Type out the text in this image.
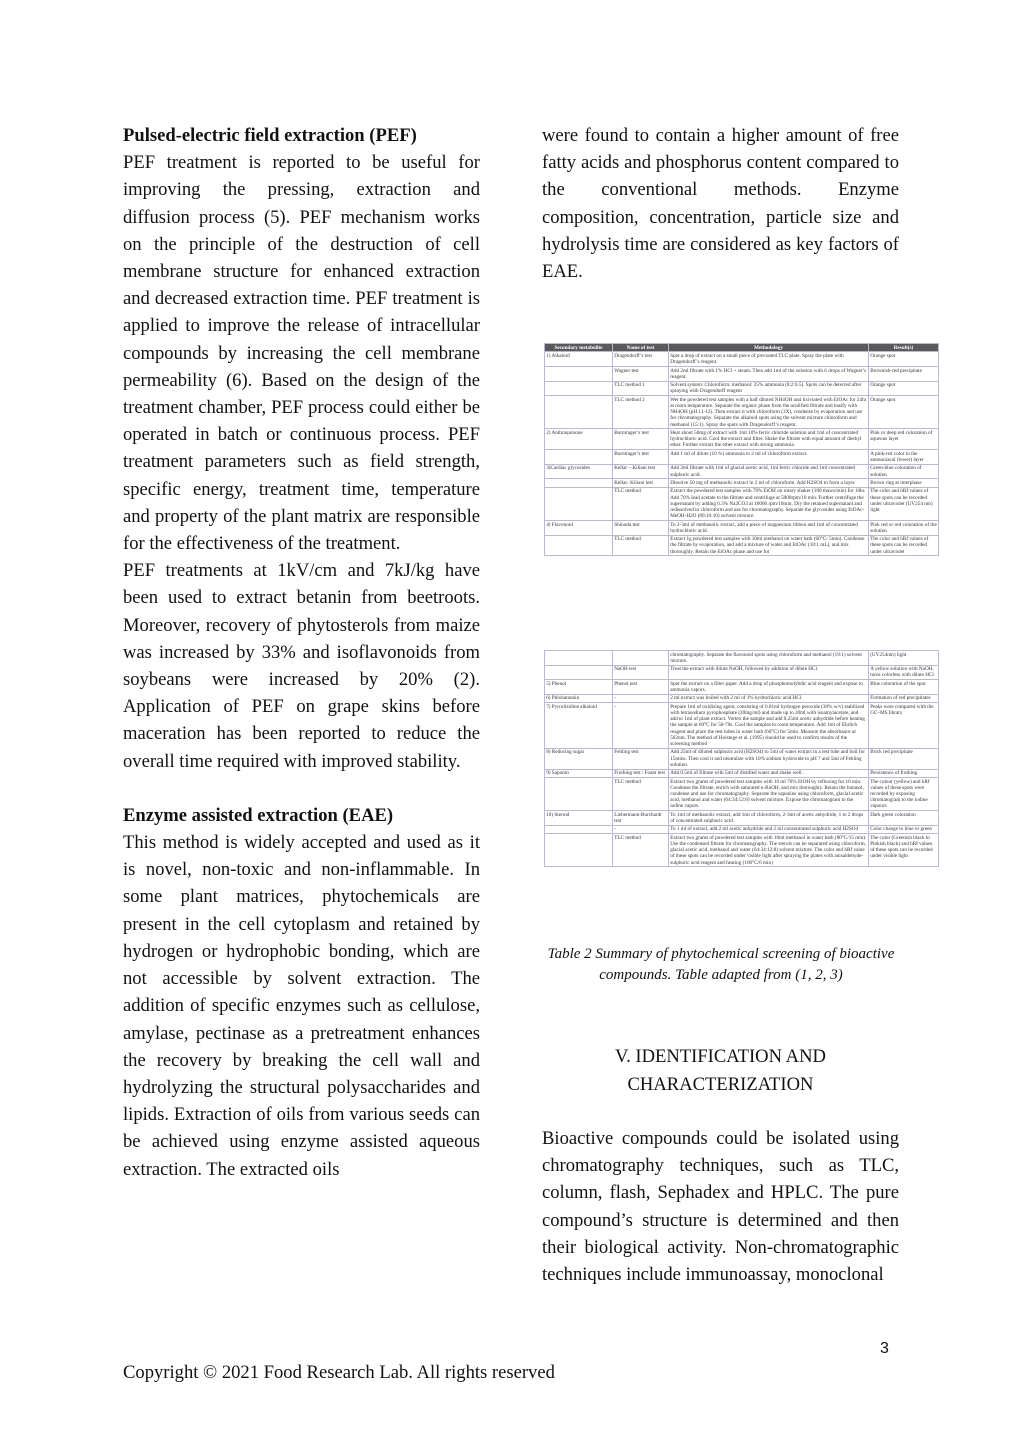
Pulsed-electric field extraction (PEF)

PEF treatment is reported to be useful for improving the pressing, extraction and diffusion process (5). PEF mechanism works on the principle of the destruction of cell membrane structure for enhanced extraction and decreased extraction time. PEF treatment is applied to improve the release of intracellular compounds by increasing the cell membrane permeability (6). Based on the design of the treatment chamber, PEF process could either be operated in batch or continuous process. PEF treatment parameters such as field strength, specific energy, treatment time, temperature and property of the plant matrix are responsible for the effectiveness of the treatment.

PEF treatments at 1kV/cm and 7kJ/kg have been used to extract betanin from beetroots. Moreover, recovery of phytosterols from maize was increased by 33% and isoflavonoids from soybeans were increased by 20% (2). Application of PEF on grape skins before maceration has been reported to reduce the overall time required with improved stability.

Enzyme assisted extraction (EAE)

This method is widely accepted and used as it is novel, non-toxic and non-inflammable. In some plant matrices, phytochemicals are present in the cell cytoplasm and retained by hydrogen or hydrophobic bonding, which are not accessible by solvent extraction. The addition of specific enzymes such as cellulose, amylase, pectinase as a pretreatment enhances the recovery by breaking the cell wall and hydrolyzing the structural polysaccharides and lipids. Extraction of oils from various seeds can be achieved using enzyme assisted aqueous extraction. The extracted oils

were found to contain a higher amount of free fatty acids and phosphorus content compared to the conventional methods. Enzyme composition, concentration, particle size and hydrolysis time are considered as key factors of EAE.

Secondary metabolite	Name of test	Methodology	Result(s)
1) Alkaloid	Dragendorff’s test	Spot a drop of extract on a small piece of precoated TLC plate. Spray the plate with Dragendorff’s reagent.	Orange spot
	Wagner test	Add 2ml filtrate with 1% HCl + steam. Then add 1ml of the solution with 6 drops of Wagner’s reagent.	Brownish-red precipitate
	TLC method 1	Solvent system: Chloroform: methanol: 25% ammonia (8:2:0.5). Spots can be detected after spraying with Dragendorff reagent	Orange spot
	TLC method 2	Wet the powdered test samples with a half diluted NH4OH and lixiviated with EtOAc for 24hr at room temperature. Separate the organic phase from the acidified filtrate and basify with NH4OH (pH 11-12). Then extract it with chloroform (3X), condense by evaporation and use for chromatography. Separate the alkaloid spots using the solvent mixture chloroform and methanol (15:1). Spray the spots with Dragendorff’s reagent.	Orange spot
2) Anthraquinone	Borntrager’s test	Heat about 50mg of extract with 1ml 10% ferric chloride solution and 1ml of concentrated hydrochloric acid. Cool the extract and filter. Shake the filtrate with equal amount of diethyl ether. Further extract the ether extract with strong ammonia.	Pink or deep red coloration of aqueous layer
	Borntrager’s test	Add 1 ml of dilute (10 %) ammonia to 2 ml of chloroform extract.	A pink-red color in the ammoniacal (lower) layer
3)Cardiac glycosides	Kellar – Kiliani test	Add 2ml filtrate with 1ml of glacial acetic acid, 1ml ferric chloride and 1ml concentrated sulphuric acid.	Green-blue coloration of solution
	Kellar- Kiliani test	Dissolve 50 mg of methanolic extract in 2 ml of chloroform. Add H2SO4 to form a layer.	Brown ring at interphase
	TLC method	Extract the powdered test samples with 70% EtOH on rotary shaker (180 thaws/min) for 10hr. Add 70% lead acetate to the filtrate and centrifuge at 5000rpm/10 min. Further centrifuge the supernatant by adding 6.3% Na2CO3 at 10000 rpm/10min. Dry the retained supernatant and redissolved in chloroform and use for chromatography. Separate the glycosides using EtOAc-MeOH-H2O (80:10:10) solvent mixture.	The color and hRf values of these spots can be recorded under ultraviolet (UV254 nm) light
4) Flavonoid	Shinoda test	To 2-3ml of methanolic extract, add a piece of magnesium ribbon and 1ml of concentrated hydrochloric acid.	Pink red or red coloration of the solution
	TLC method	Extract 1g powdered test samples with 10ml methanol on water bath (60°C/ 5min). Condense the filtrate by evaporation, and add a mixture of water and EtOAc (10:1 mL), and mix thoroughly. Retain the EtOAc phase and use for	The color and hRf values of these spots can be recorded under ultraviolet
		chromatography. Separate the flavonoid spots using chloroform and methanol (19:1) solvent mixture.	(UV254nm) light
	NaOH test	Treat the extract with dilute NaOH, followed by addition of dilute HCl.	A yellow solution with NaOH, turns colorless with dilute HCl
5) Phenol	Phenol test	Spot the extract on a filter paper. Add a drop of phosphomolybdic acid reagent and expose to ammonia vapors.	Blue coloration of the spot
6) Phlobatannin	-	2 ml extract was boiled with 2 ml of 1% hydrochloric acid HCl.	Formation of red precipitates
7) Pyrrolizidine alkaloid	-	Prepare 1ml of oxidizing agent, consisting of 0.01ml hydrogen peroxide (30% w/v) stabilized with tetrasodium pyrophosphate (20mg/ml) and made up to 20ml with isoamylacetate, and add to 1ml of plant extract. Vortex the sample and add 0.25ml acetic anhydride before heating the sample at 60°C for 50-70s. Cool the samples to room temperature. Add 1ml of Ehrlich reagent and place the test tubes in water bath (60°C) for 5min. Measure the absorbance at 562nm. The method of Holstege et al. (1995) should be used to confirm results of the screening method	Peaks were compared with the GC–MS library
8) Reducing sugar	Fehling test	Add 25ml of diluted sulphuric acid (H2SO4) to 5ml of water extract in a test tube and boil for 15mins. Then cool it and neutralize with 10% sodium hydroxide to pH 7 and 5ml of Fehling solution.	Brick red precipitate
9) Saponin	Frothing test / Foam test	Add 0.5ml of filtrate with 5ml of distilled water and shake well.	Persistence of frothing
	TLC method	Extract two grams of powdered test samples with 10 ml 70% EtOH by refluxing for 10 min. Condense the filtrate, enrich with saturated n-BuOH, and mix thoroughly. Retain the butanol, condense and use for chromatography. Separate the saponins using chloroform, glacial acetic acid, methanol and water (64:34:12:8) solvent mixture. Expose the chromatogram to the iodine vapors.	The colour (yellow) and hRf values of these spots were recorded by exposing chromatogram to the iodine vapours
10) Steroid	Liebermann-Burchardt test	To 1ml of methanolic extract, add 1ml of chloroform, 2-3ml of acetic anhydride, 1 to 2 drops of concentrated sulphuric acid.	Dark green coloration
	-	To 1 ml of extract, add 2 ml acetic anhydride and 2 ml concentrated sulphuric acid H2SO4	Color change to blue or green
	TLC method	Extract two grams of powdered test samples with 10ml methanol in water bath (80°C/15 min). Use the condensed filtrate for chromatography. The sterols can be separated using chloroform, glacial acetic acid, methanol and water (64:34:12:8) solvent mixture. The color and hRf value of these spots can be recorded under visible light after spraying the plates with anisaldehyde-sulphuric acid reagent and heating (100°C/6 min)	The color (Greenish black to Pinkish black) and hRf values of these spots can be recorded under visible light
Table 2 Summary of phytochemical screening of bioactive compounds. Table adapted from (1, 2, 3)
V. IDENTIFICATION AND
CHARACTERIZATION

Bioactive compounds could be isolated using chromatography techniques, such as TLC, column, flash, Sephadex and HPLC. The pure compound’s structure is determined and then their biological activity. Non-chromatographic techniques include immunoassay, monoclonal

3
Copyright © 2021 Food Research Lab. All rights reserved
